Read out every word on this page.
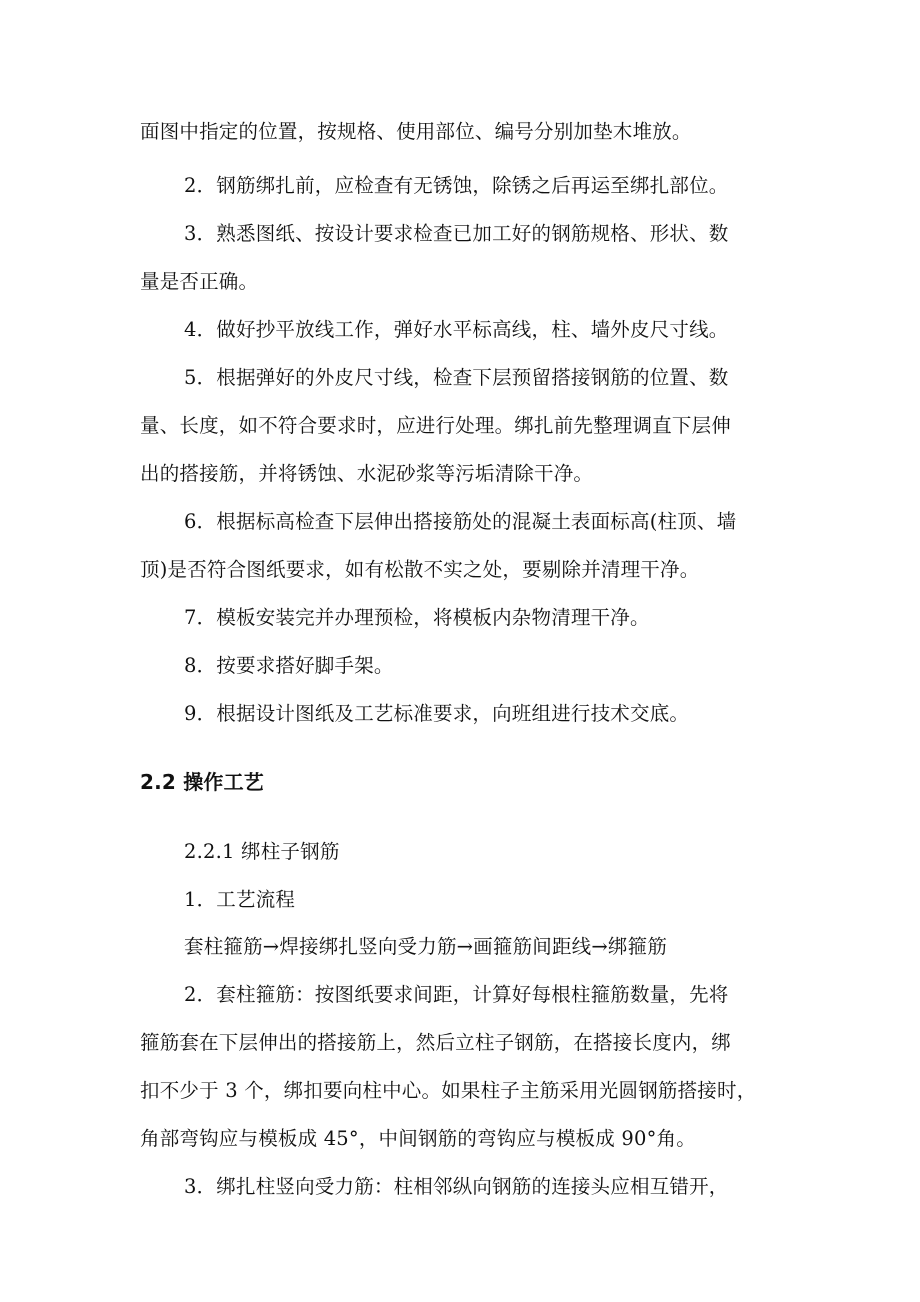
面图中指定的位置，按规格、使用部位、编号分别加垫木堆放。
2．钢筋绑扎前，应检查有无锈蚀，除锈之后再运至绑扎部位。
3．熟悉图纸、按设计要求检查已加工好的钢筋规格、形状、数
量是否正确。
4．做好抄平放线工作，弹好水平标高线，柱、墙外皮尺寸线。
5．根据弹好的外皮尺寸线，检查下层预留搭接钢筋的位置、数
量、长度，如不符合要求时，应进行处理。绑扎前先整理调直下层伸
出的搭接筋，并将锈蚀、水泥砂浆等污垢清除干净。
6．根据标高检查下层伸出搭接筋处的混凝土表面标高(柱顶、墙
顶)是否符合图纸要求，如有松散不实之处，要剔除并清理干净。
7．模板安装完并办理预检，将模板内杂物清理干净。
8．按要求搭好脚手架。
9．根据设计图纸及工艺标准要求，向班组进行技术交底。
2.2 操作工艺
2.2.1 绑柱子钢筋
1．工艺流程
套柱箍筋→焊接绑扎竖向受力筋→画箍筋间距线→绑箍筋
2．套柱箍筋：按图纸要求间距，计算好每根柱箍筋数量，先将
箍筋套在下层伸出的搭接筋上，然后立柱子钢筋，在搭接长度内，绑
扣不少于 3 个，绑扣要向柱中心。如果柱子主筋采用光圆钢筋搭接时，
角部弯钩应与模板成 45°，中间钢筋的弯钩应与模板成 90°角。
3．绑扎柱竖向受力筋：柱相邻纵向钢筋的连接头应相互错开，
